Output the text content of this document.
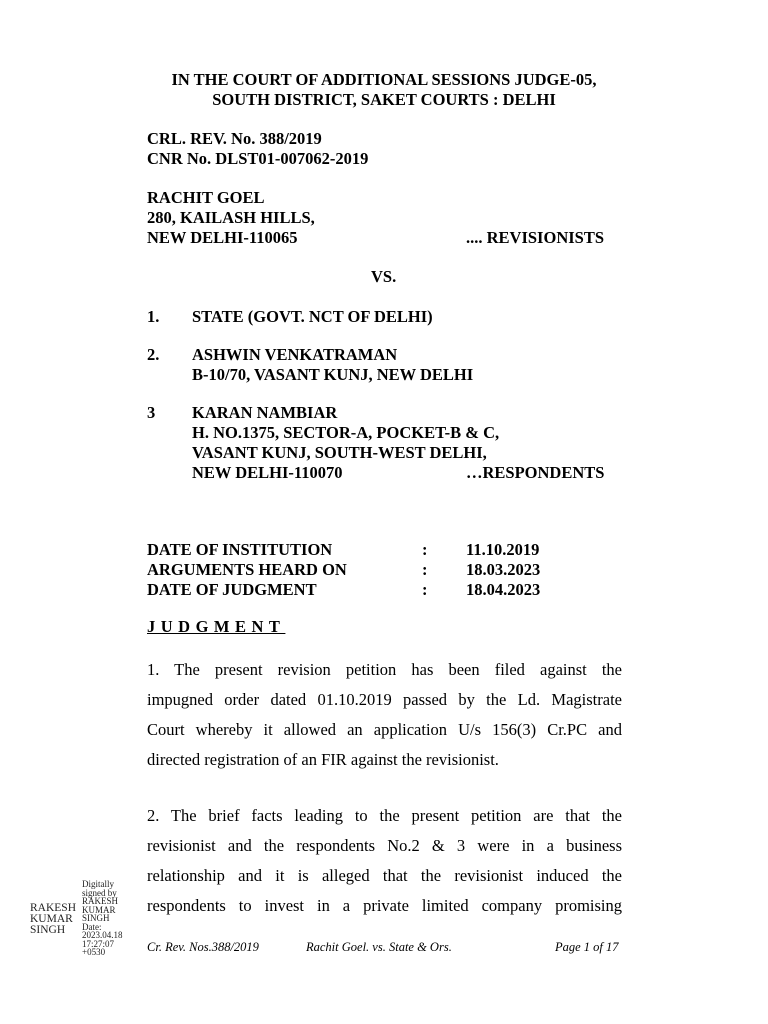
IN THE COURT OF ADDITIONAL SESSIONS JUDGE-05,
SOUTH DISTRICT, SAKET COURTS : DELHI
CRL. REV. No. 388/2019
CNR No. DLST01-007062-2019
RACHIT GOEL
280, KAILASH HILLS,
NEW DELHI-110065	.... REVISIONISTS
VS.
1. STATE (GOVT. NCT OF DELHI)
2. ASHWIN VENKATRAMAN
B-10/70, VASANT KUNJ, NEW DELHI
3 KARAN NAMBIAR
H. NO.1375, SECTOR-A, POCKET-B & C,
VASANT KUNJ, SOUTH-WEST DELHI,
NEW DELHI-110070	…RESPONDENTS
DATE OF INSTITUTION	: 11.10.2019
ARGUMENTS HEARD ON	: 18.03.2023
DATE OF JUDGMENT	: 18.04.2023
JUDGMENT
1. The present revision petition has been filed against the
impugned order dated 01.10.2019 passed by the Ld. Magistrate
Court whereby it allowed an application U/s 156(3) Cr.PC and
directed registration of an FIR against the revisionist.
2. The brief facts leading to the present petition are that the
revisionist and the respondents No.2 & 3 were in a business
relationship and it is alleged that the revisionist induced the
respondents to invest in a private limited company promising
RAKESH
KUMAR
SINGH
Digitally
signed by
RAKESH
KUMAR
SINGH
Date:
2023.04.18
17:27:07
+0530	Cr. Rev. Nos.388/2019	Rachit Goel. vs. State & Ors.	Page 1 of 17
